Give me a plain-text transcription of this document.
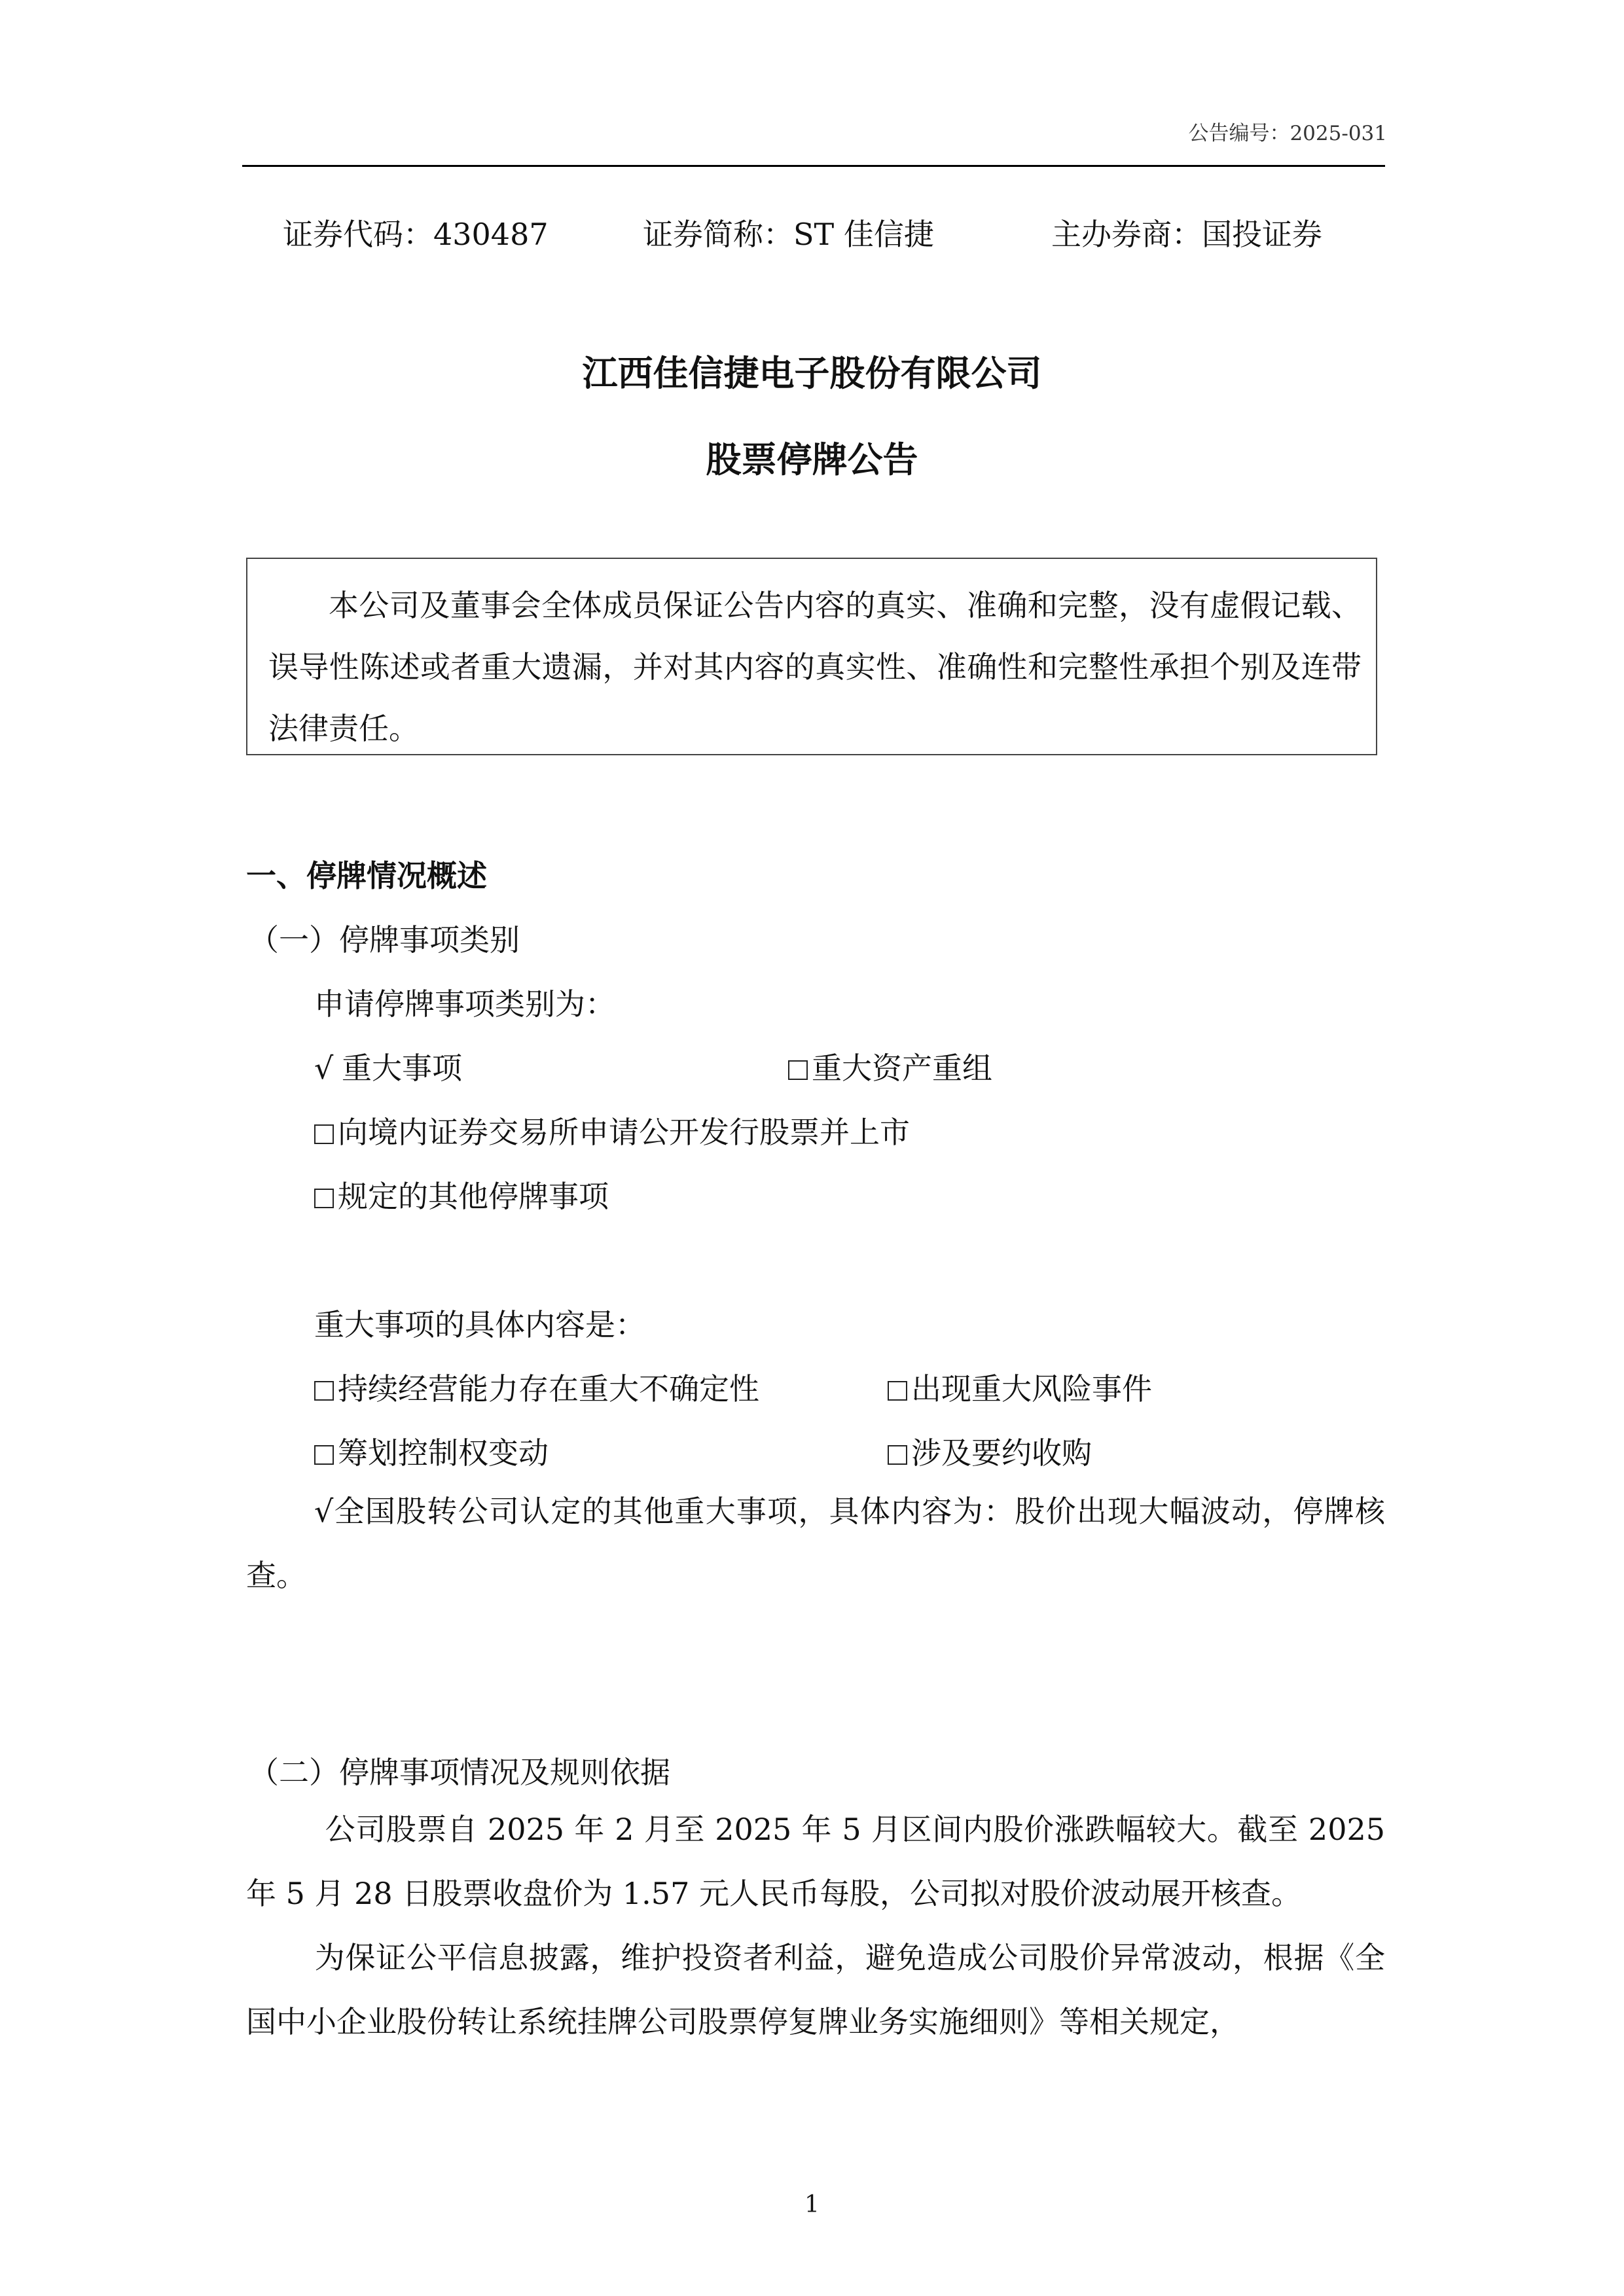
公告编号：2025-031
证券代码：430487	证券简称：ST 佳信捷	主办券商：国投证券
江西佳信捷电子股份有限公司
股票停牌公告
本公司及董事会全体成员保证公告内容的真实、准确和完整，没有虚假记载、误导性陈述或者重大遗漏，并对其内容的真实性、准确性和完整性承担个别及连带法律责任。
一、停牌情况概述
（一）停牌事项类别
申请停牌事项类别为：
√ 重大事项	重大资产重组
向境内证券交易所申请公开发行股票并上市
规定的其他停牌事项
重大事项的具体内容是：
持续经营能力存在重大不确定性	出现重大风险事件
筹划控制权变动	涉及要约收购
√全国股转公司认定的其他重大事项，具体内容为：股价出现大幅波动，停牌核查。
（二）停牌事项情况及规则依据
公司股票自 2025 年 2 月至 2025 年 5 月区间内股价涨跌幅较大。截至 2025 年 5 月 28 日股票收盘价为 1.57 元人民币每股，公司拟对股价波动展开核查。
为保证公平信息披露，维护投资者利益，避免造成公司股价异常波动，根据《全国中小企业股份转让系统挂牌公司股票停复牌业务实施细则》等相关规定，
1
